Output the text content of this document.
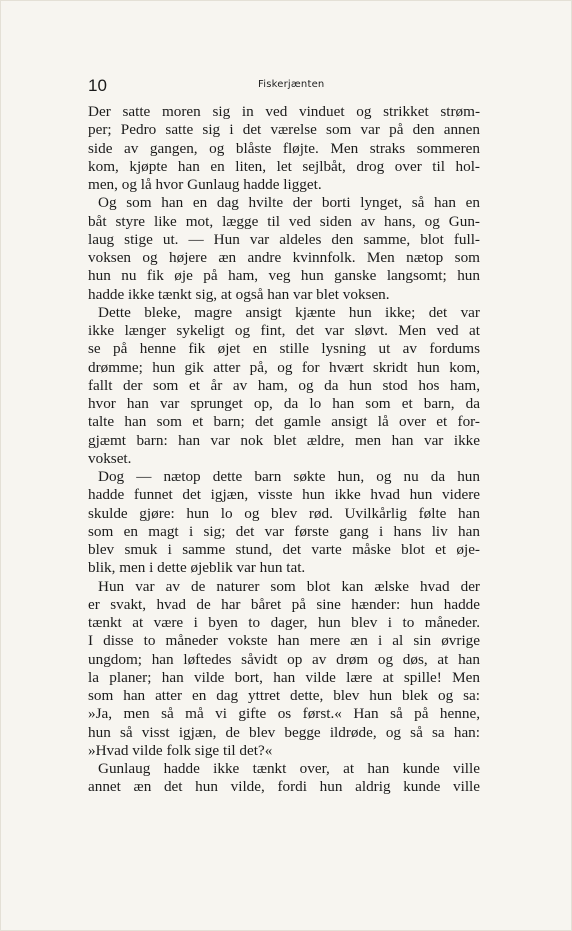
10	Fiskerjænten
Der satte moren sig in ved vinduet og strikket strøm-
per; Pedro satte sig i det værelse som var på den annen
side av gangen, og blåste fløjte. Men straks sommeren
kom, kjøpte han en liten, let sejlbåt, drog over til hol-
men, og lå hvor Gunlaug hadde ligget.
Og som han en dag hvilte der borti lynget, så han en
båt styre like mot, lægge til ved siden av hans, og Gun-
laug stige ut. — Hun var aldeles den samme, blot full-
voksen og højere æn andre kvinnfolk. Men nætop som
hun nu fik øje på ham, veg hun ganske langsomt; hun
hadde ikke tænkt sig, at også han var blet voksen.
Dette bleke, magre ansigt kjænte hun ikke; det var
ikke længer sykeligt og fint, det var sløvt. Men ved at
se på henne fik øjet en stille lysning ut av fordums
drømme; hun gik atter på, og for hvært skridt hun kom,
fallt der som et år av ham, og da hun stod hos ham,
hvor han var sprunget op, da lo han som et barn, da
talte han som et barn; det gamle ansigt lå over et for-
gjæmt barn: han var nok blet ældre, men han var ikke
vokset.
Dog — nætop dette barn søkte hun, og nu da hun
hadde funnet det igjæn, visste hun ikke hvad hun videre
skulde gjøre: hun lo og blev rød. Uvilkårlig følte han
som en magt i sig; det var første gang i hans liv han
blev smuk i samme stund, det varte måske blot et øje-
blik, men i dette øjeblik var hun tat.
Hun var av de naturer som blot kan ælske hvad der
er svakt, hvad de har båret på sine hænder: hun hadde
tænkt at være i byen to dager, hun blev i to måneder.
I disse to måneder vokste han mere æn i al sin øvrige
ungdom; han løftedes såvidt op av drøm og døs, at han
la planer; han vilde bort, han vilde lære at spille! Men
som han atter en dag yttret dette, blev hun blek og sa:
»Ja, men så må vi gifte os først.« Han så på henne,
hun så visst igjæn, de blev begge ildrøde, og så sa han:
»Hvad vilde folk sige til det?«
Gunlaug hadde ikke tænkt over, at han kunde ville
annet æn det hun vilde, fordi hun aldrig kunde ville
